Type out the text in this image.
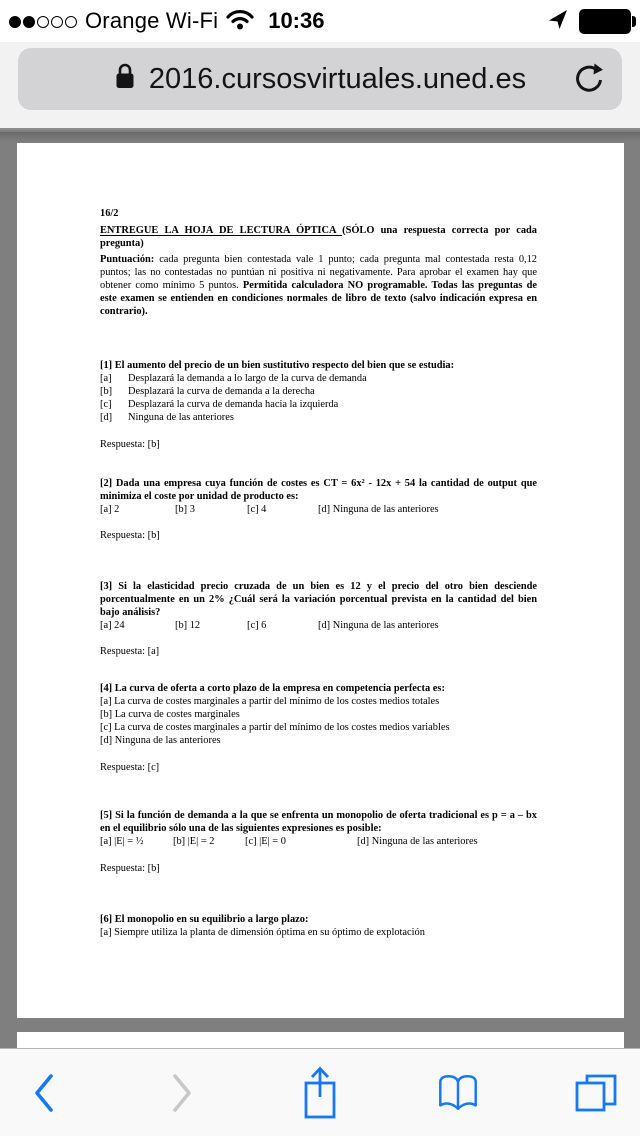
Orange Wi-Fi 10:36
2016.cursosvirtuales.uned.es

16/2

ENTREGUE LA HOJA DE LECTURA ÓPTICA (SÓLO una respuesta correcta por cada pregunta)

Puntuación: cada pregunta bien contestada vale 1 punto; cada pregunta mal contestada resta 0,12 puntos; las no contestadas no puntúan ni positiva ni negativamente. Para aprobar el examen hay que obtener como mínimo 5 puntos. Permitida calculadora NO programable. Todas las preguntas de este examen se entienden en condiciones normales de libro de texto (salvo indicación expresa en contrario).

[1] El aumento del precio de un bien sustitutivo respecto del bien que se estudia:

[a]	Desplazará la demanda a lo largo de la curva de demanda
[b]	Desplazará la curva de demanda a la derecha
[c]	Desplazará la curva de demanda hacia la izquierda
[d]	Ninguna de las anteriores

Respuesta: [b]

[2] Dada una empresa cuya función de costes es CT = 6x² - 12x + 54 la cantidad de output que minimiza el coste por unidad de producto es:

[a] 2	[b] 3	[c] 4	[d] Ninguna de las anteriores

Respuesta: [b]

[3] Si la elasticidad precio cruzada de un bien es 12 y el precio del otro bien desciende porcentualmente en un 2% ¿Cuál será la variación porcentual prevista en la cantidad del bien bajo análisis?

[a] 24	[b] 12	[c] 6	[d] Ninguna de las anteriores

Respuesta: [a]

[4] La curva de oferta a corto plazo de la empresa en competencia perfecta es:

[a] La curva de costes marginales a partir del mínimo de los costes medios totales

[b] La curva de costes marginales

[c] La curva de costes marginales a partir del mínimo de los costes medios variables

[d] Ninguna de las anteriores

Respuesta: [c]

[5] Si la función de demanda a la que se enfrenta un monopolio de oferta tradicional es p = a – bx en el equilibrio sólo una de las siguientes expresiones es posible:

[a] |E| = ½	[b] |E| = 2	[c] |E| = 0	[d] Ninguna de las anteriores

Respuesta: [b]

[6] El monopolio en su equilibrio a largo plazo:

[a] Siempre utiliza la planta de dimensión óptima en su óptimo de explotación
